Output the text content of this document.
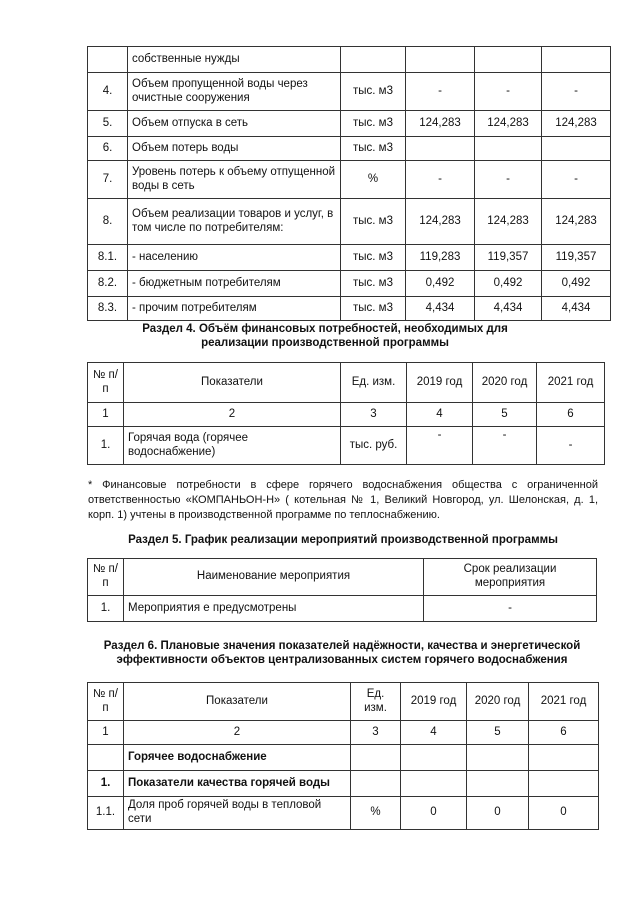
	собственные нужды				
4.	Объем пропущенной воды через очистные сооружения	тыс. м3	-	-	-
5.	Объем отпуска в сеть	тыс. м3	124,283	124,283	124,283
6.	Объем потерь воды	тыс. м3			
7.	Уровень потерь к объему отпущенной воды в сеть	%	-	-	-
8.	Объем реализации товаров и услуг, в том числе по потребителям:	тыс. м3	124,283	124,283	124,283
8.1.	- населению	тыс. м3	119,283	119,357	119,357
8.2.	- бюджетным потребителям	тыс. м3	0,492	0,492	0,492
8.3.	- прочим потребителям	тыс. м3	4,434	4,434	4,434
Раздел 4. Объём финансовых потребностей, необходимых для реализации производственной программы
№ п/п	Показатели	Ед. изм.	2019 год	2020 год	2021 год
1	2	3	4	5	6
1.	Горячая вода (горячее водоснабжение)	тыс. руб.	-	-	-

* Финансовые потребности в сфере горячего водоснабжения общества с ограниченной ответственностью «КОМПАНЬОН-Н» ( котельная № 1, Великий Новгород, ул. Шелонская, д. 1, корп. 1) учтены в производственной программе по теплоснабжению.

Раздел 5. График реализации мероприятий производственной программы
№ п/п	Наименование мероприятия	Срок реализации мероприятия
1.	Мероприятия е предусмотрены	-
Раздел 6. Плановые значения показателей надёжности, качества и энергетической эффективности объектов централизованных систем горячего водоснабжения
№ п/п	Показатели	Ед. изм.	2019 год	2020 год	2021 год
1	2	3	4	5	6
	Горячее водоснабжение				
1.	Показатели качества горячей воды				
1.1.	Доля проб горячей воды в тепловой сети	%	0	0	0
